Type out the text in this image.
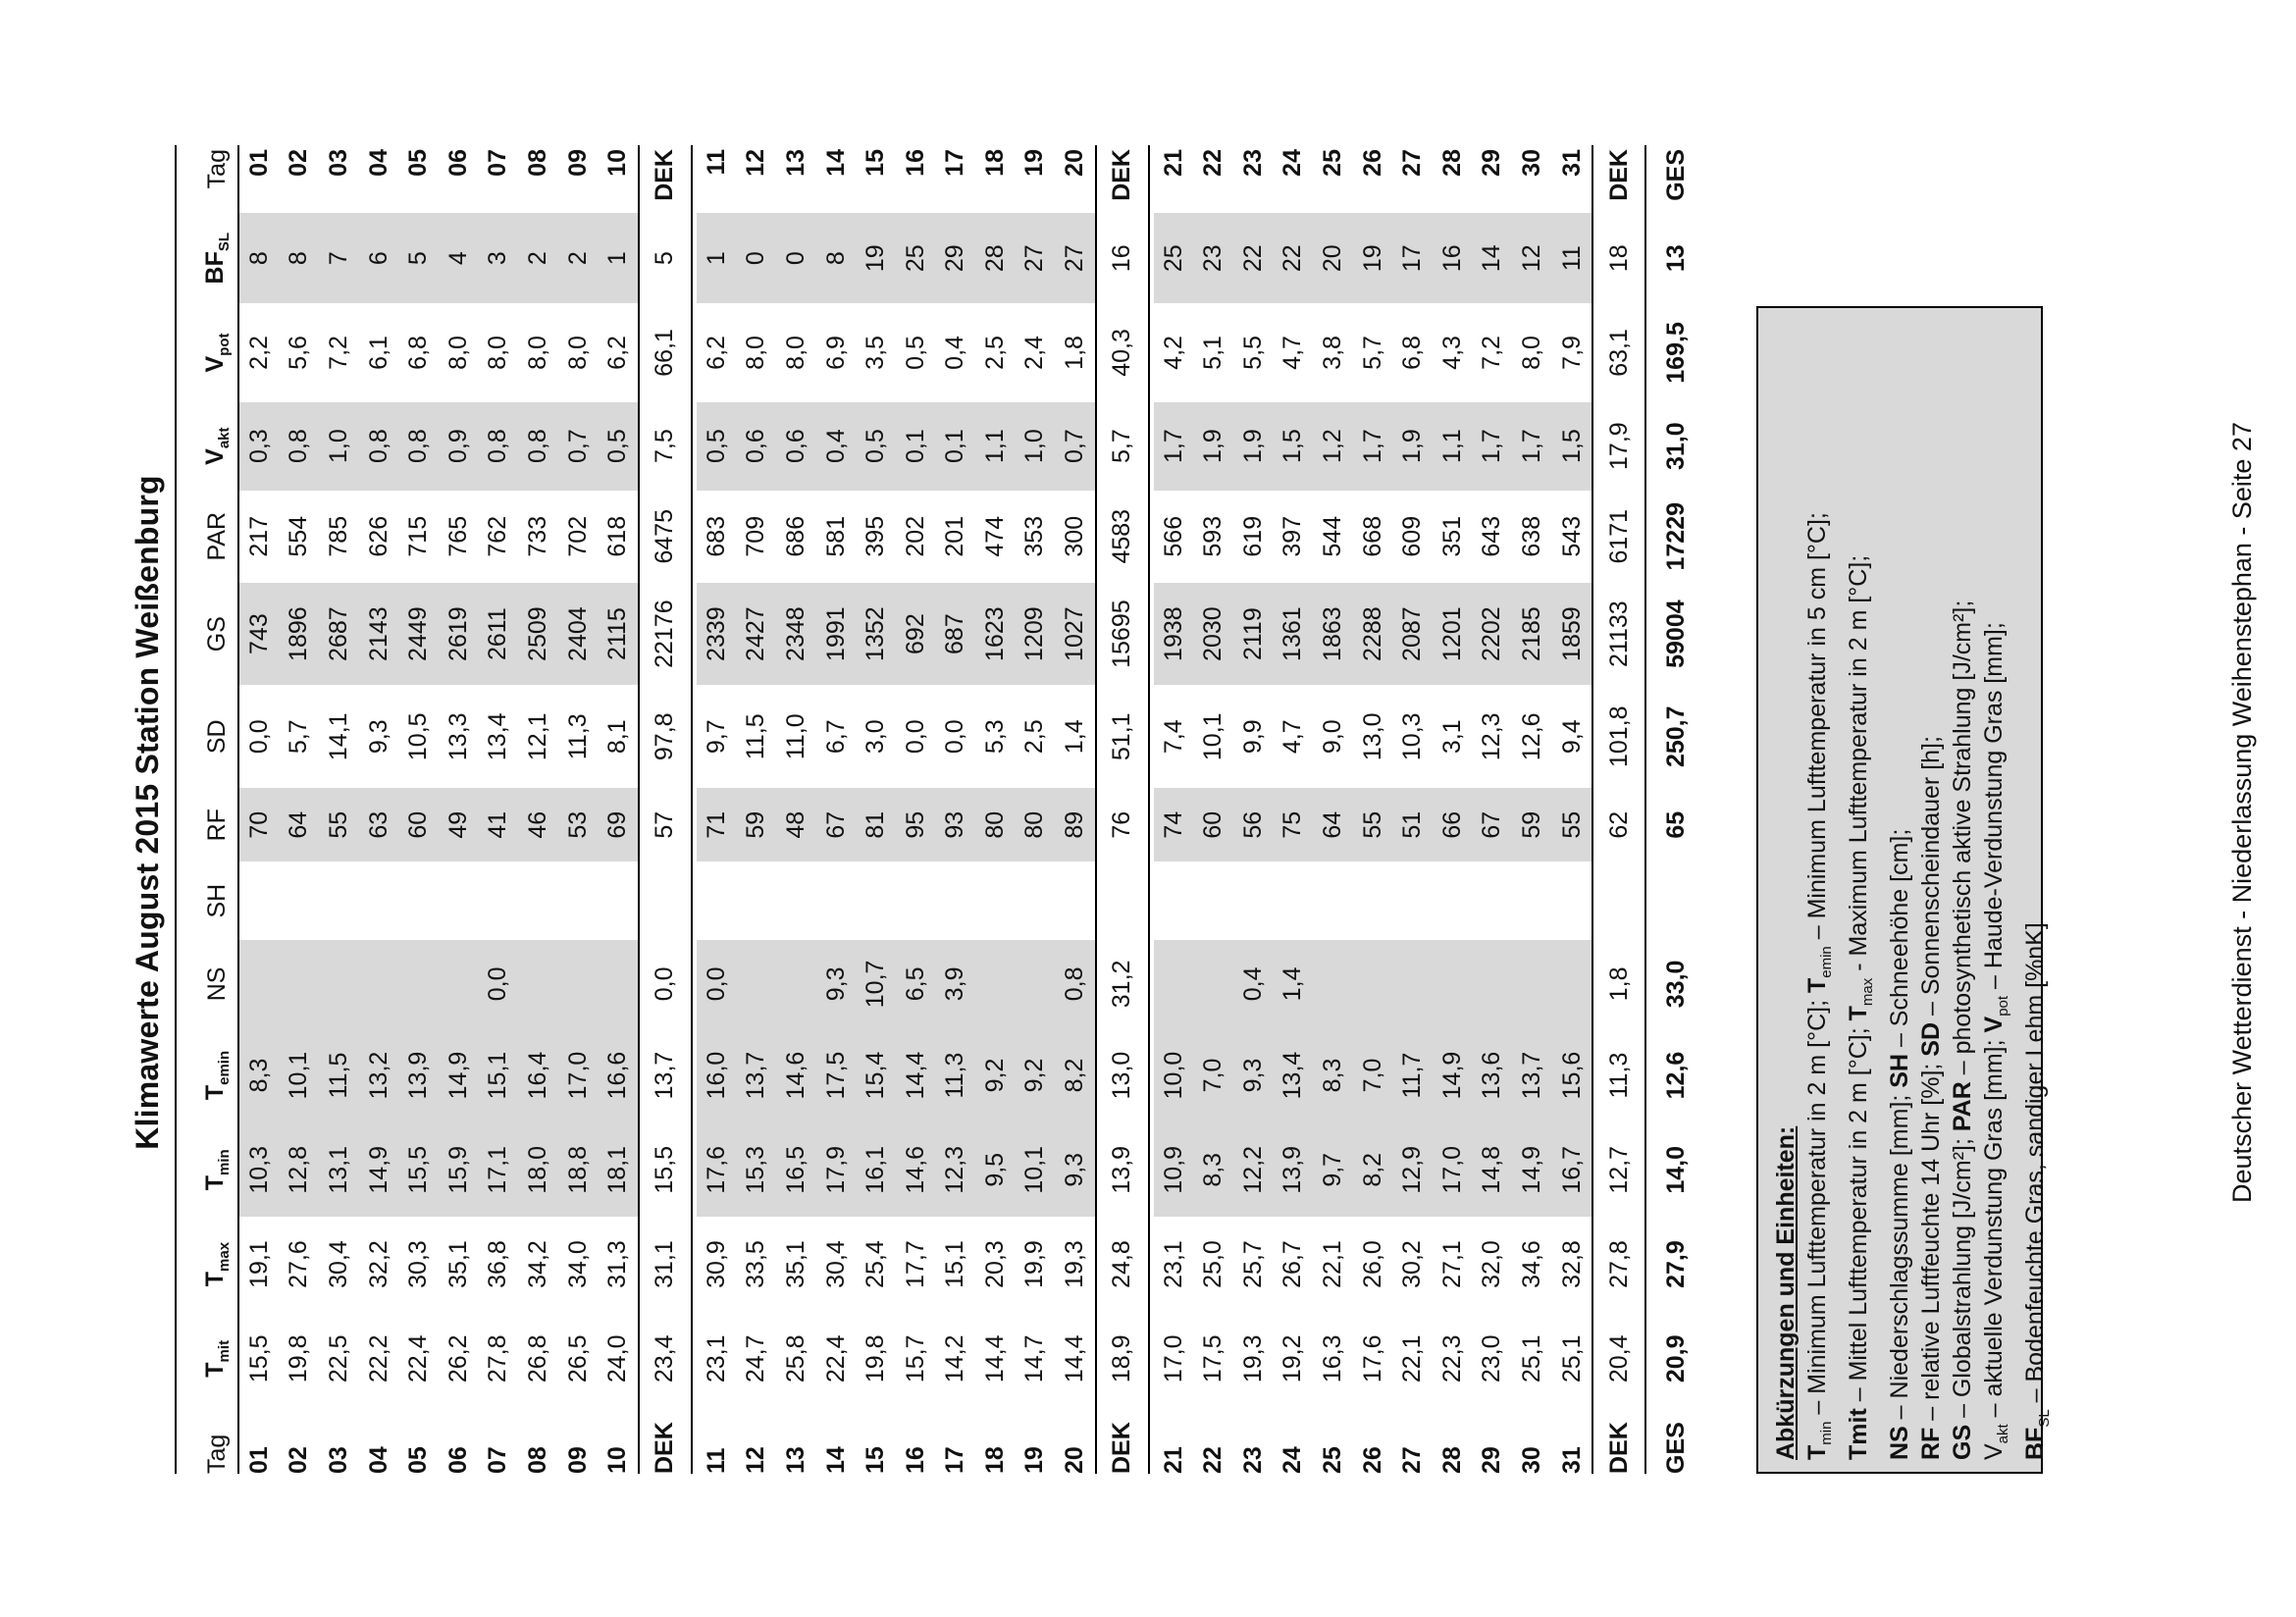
Klimawerte August 2015 Station Weißenburg
Tag	$T_{mit}$	$T_{max}$	$T_{min}$	$T_{emin}$	NS	SH	RF	SD	GS	PAR	$V_{akt}$	$V_{pot}$	$BF_{SL}$	Tag
01	15,5	19,1	10,3	8,3			70	0,0	743	217	0,3	2,2	8	01
02	19,8	27,6	12,8	10,1			64	5,7	1896	554	0,8	5,6	8	02
03	22,5	30,4	13,1	11,5			55	14,1	2687	785	1,0	7,2	7	03
04	22,2	32,2	14,9	13,2			63	9,3	2143	626	0,8	6,1	6	04
05	22,4	30,3	15,5	13,9			60	10,5	2449	715	0,8	6,8	5	05
06	26,2	35,1	15,9	14,9			49	13,3	2619	765	0,9	8,0	4	06
07	27,8	36,8	17,1	15,1	0,0		41	13,4	2611	762	0,8	8,0	3	07
08	26,8	34,2	18,0	16,4			46	12,1	2509	733	0,8	8,0	2	08
09	26,5	34,0	18,8	17,0			53	11,3	2404	702	0,7	8,0	2	09
10	24,0	31,3	18,1	16,6			69	8,1	2115	618	0,5	6,2	1	10
DEK	23,4	31,1	15,5	13,7	0,0		57	97,8	22176	6475	7,5	66,1	5	DEK

11	23,1	30,9	17,6	16,0	0,0		71	9,7	2339	683	0,5	6,2	1	11
12	24,7	33,5	15,3	13,7			59	11,5	2427	709	0,6	8,0	0	12
13	25,8	35,1	16,5	14,6			48	11,0	2348	686	0,6	8,0	0	13
14	22,4	30,4	17,9	17,5	9,3		67	6,7	1991	581	0,4	6,9	8	14
15	19,8	25,4	16,1	15,4	10,7		81	3,0	1352	395	0,5	3,5	19	15
16	15,7	17,7	14,6	14,4	6,5		95	0,0	692	202	0,1	0,5	25	16
17	14,2	15,1	12,3	11,3	3,9		93	0,0	687	201	0,1	0,4	29	17
18	14,4	20,3	9,5	9,2			80	5,3	1623	474	1,1	2,5	28	18
19	14,7	19,9	10,1	9,2			80	2,5	1209	353	1,0	2,4	27	19
20	14,4	19,3	9,3	8,2	0,8		89	1,4	1027	300	0,7	1,8	27	20
DEK	18,9	24,8	13,9	13,0	31,2		76	51,1	15695	4583	5,7	40,3	16	DEK

21	17,0	23,1	10,9	10,0			74	7,4	1938	566	1,7	4,2	25	21
22	17,5	25,0	8,3	7,0			60	10,1	2030	593	1,9	5,1	23	22
23	19,3	25,7	12,2	9,3	0,4		56	9,9	2119	619	1,9	5,5	22	23
24	19,2	26,7	13,9	13,4	1,4		75	4,7	1361	397	1,5	4,7	22	24
25	16,3	22,1	9,7	8,3			64	9,0	1863	544	1,2	3,8	20	25
26	17,6	26,0	8,2	7,0			55	13,0	2288	668	1,7	5,7	19	26
27	22,1	30,2	12,9	11,7			51	10,3	2087	609	1,9	6,8	17	27
28	22,3	27,1	17,0	14,9			66	3,1	1201	351	1,1	4,3	16	28
29	23,0	32,0	14,8	13,6			67	12,3	2202	643	1,7	7,2	14	29
30	25,1	34,6	14,9	13,7			59	12,6	2185	638	1,7	8,0	12	30
31	25,1	32,8	16,7	15,6			55	9,4	1859	543	1,5	7,9	11	31
DEK	20,4	27,8	12,7	11,3	1,8		62	101,8	21133	6171	17,9	63,1	18	DEK

GES	20,9	27,9	14,0	12,6	33,0		65	250,7	59004	17229	31,0	169,5	13	GES
Abkürzungen und Einheiten: $T_{min}$ – Minimum Lufttemperatur in 2 m [°C]; $T_{emin}$ – Minimum Lufttemperatur in 5 cm [°C];
Tmit – Mittel Lufttemperatur in 2 m [°C]; $T_{max}$ - Maximum Lufttemperatur in 2 m [°C];
NS – Niederschlagssumme [mm]; SH – Schneehöhe [cm];
RF – relative Luftfeuchte 14 Uhr [%]; SD – Sonnenscheindauer [h];
GS – Globalstrahlung [J/cm²]; PAR – photosynthetisch aktive Strahlung [J/cm²];
$V_{akt}$ – aktuelle Verdunstung Gras [mm]; $V_{pot}$ – Haude-Verdunstung Gras [mm];
$BF_{SL}$ – Bodenfeuchte Gras, sandiger Lehm [%nK]	Deutscher Wetterdienst - Niederlassung Weihenstephan - Seite 27
